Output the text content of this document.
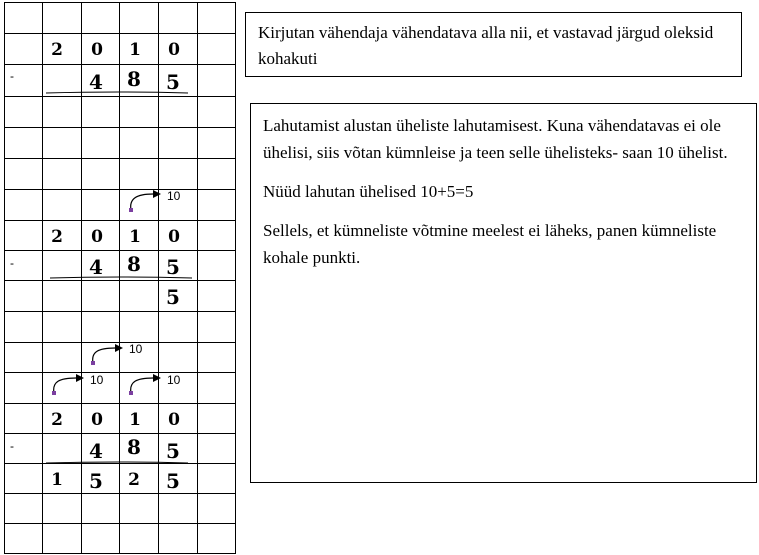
2 0 1 0
-	4 8 5
10
2 0 1 0
-	4 8 5
5
10
10	10
2 0 1 0
-	4 8 5
1 5 2 5
Kirjutan vähendaja vähendatava alla nii, et vastavad järgud oleksid kohakuti

Lahutamist alustan üheliste lahutamisest. Kuna vähendatavas ei ole ühelisi, siis võtan kümnleise ja teen selle ühelisteks- saan 10 ühelist.

Nüüd lahutan ühelised 10+5=5

Sellels, et kümneliste võtmine meelest ei läheks, panen kümneliste kohale punkti.
